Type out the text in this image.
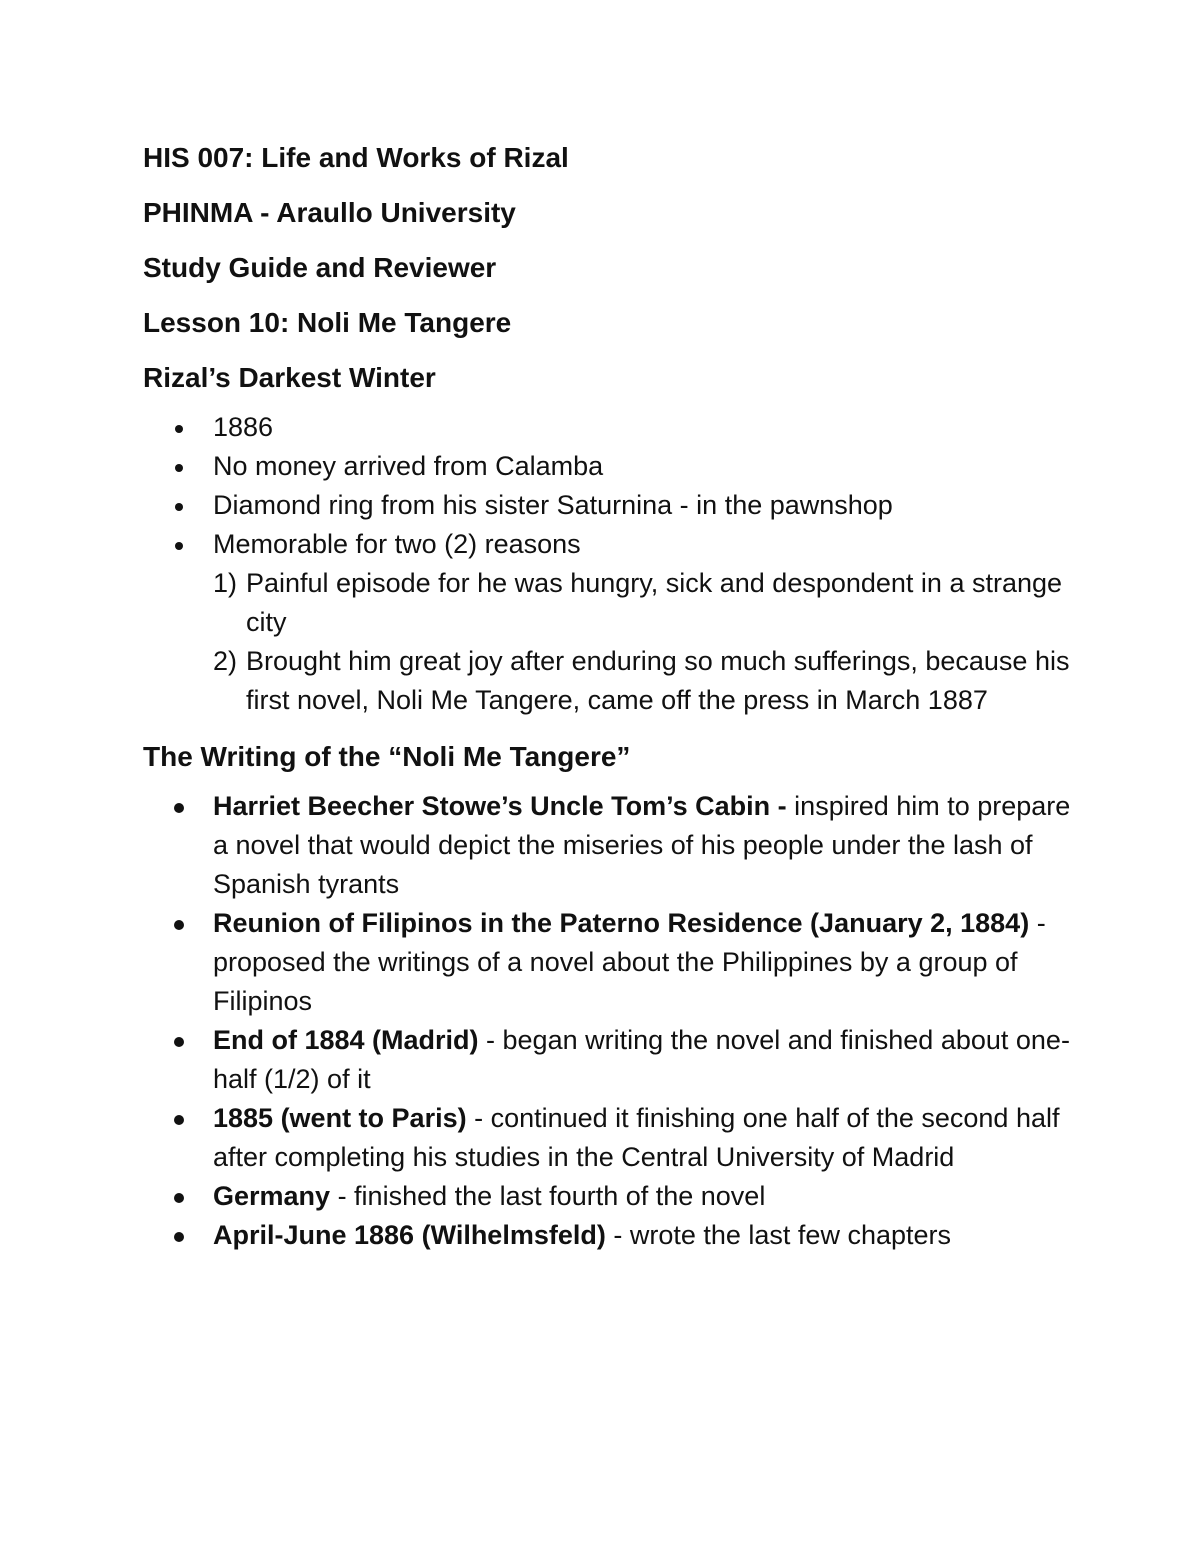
HIS 007: Life and Works of Rizal
PHINMA - Araullo University
Study Guide and Reviewer
Lesson 10: Noli Me Tangere
Rizal’s Darkest Winter
1886
No money arrived from Calamba
Diamond ring from his sister Saturnina - in the pawnshop
Memorable for two (2) reasons
1) Painful episode for he was hungry, sick and despondent in a strange city
2) Brought him great joy after enduring so much sufferings, because his first novel, Noli Me Tangere, came off the press in March 1887
The Writing of the “Noli Me Tangere”
Harriet Beecher Stowe’s Uncle Tom’s Cabin - inspired him to prepare a novel that would depict the miseries of his people under the lash of Spanish tyrants
Reunion of Filipinos in the Paterno Residence (January 2, 1884) - proposed the writings of a novel about the Philippines by a group of Filipinos
End of 1884 (Madrid) - began writing the novel and finished about one-half (1/2) of it
1885 (went to Paris) - continued it finishing one half of the second half after completing his studies in the Central University of Madrid
Germany - finished the last fourth of the novel
April-June 1886 (Wilhelmsfeld) - wrote the last few chapters
